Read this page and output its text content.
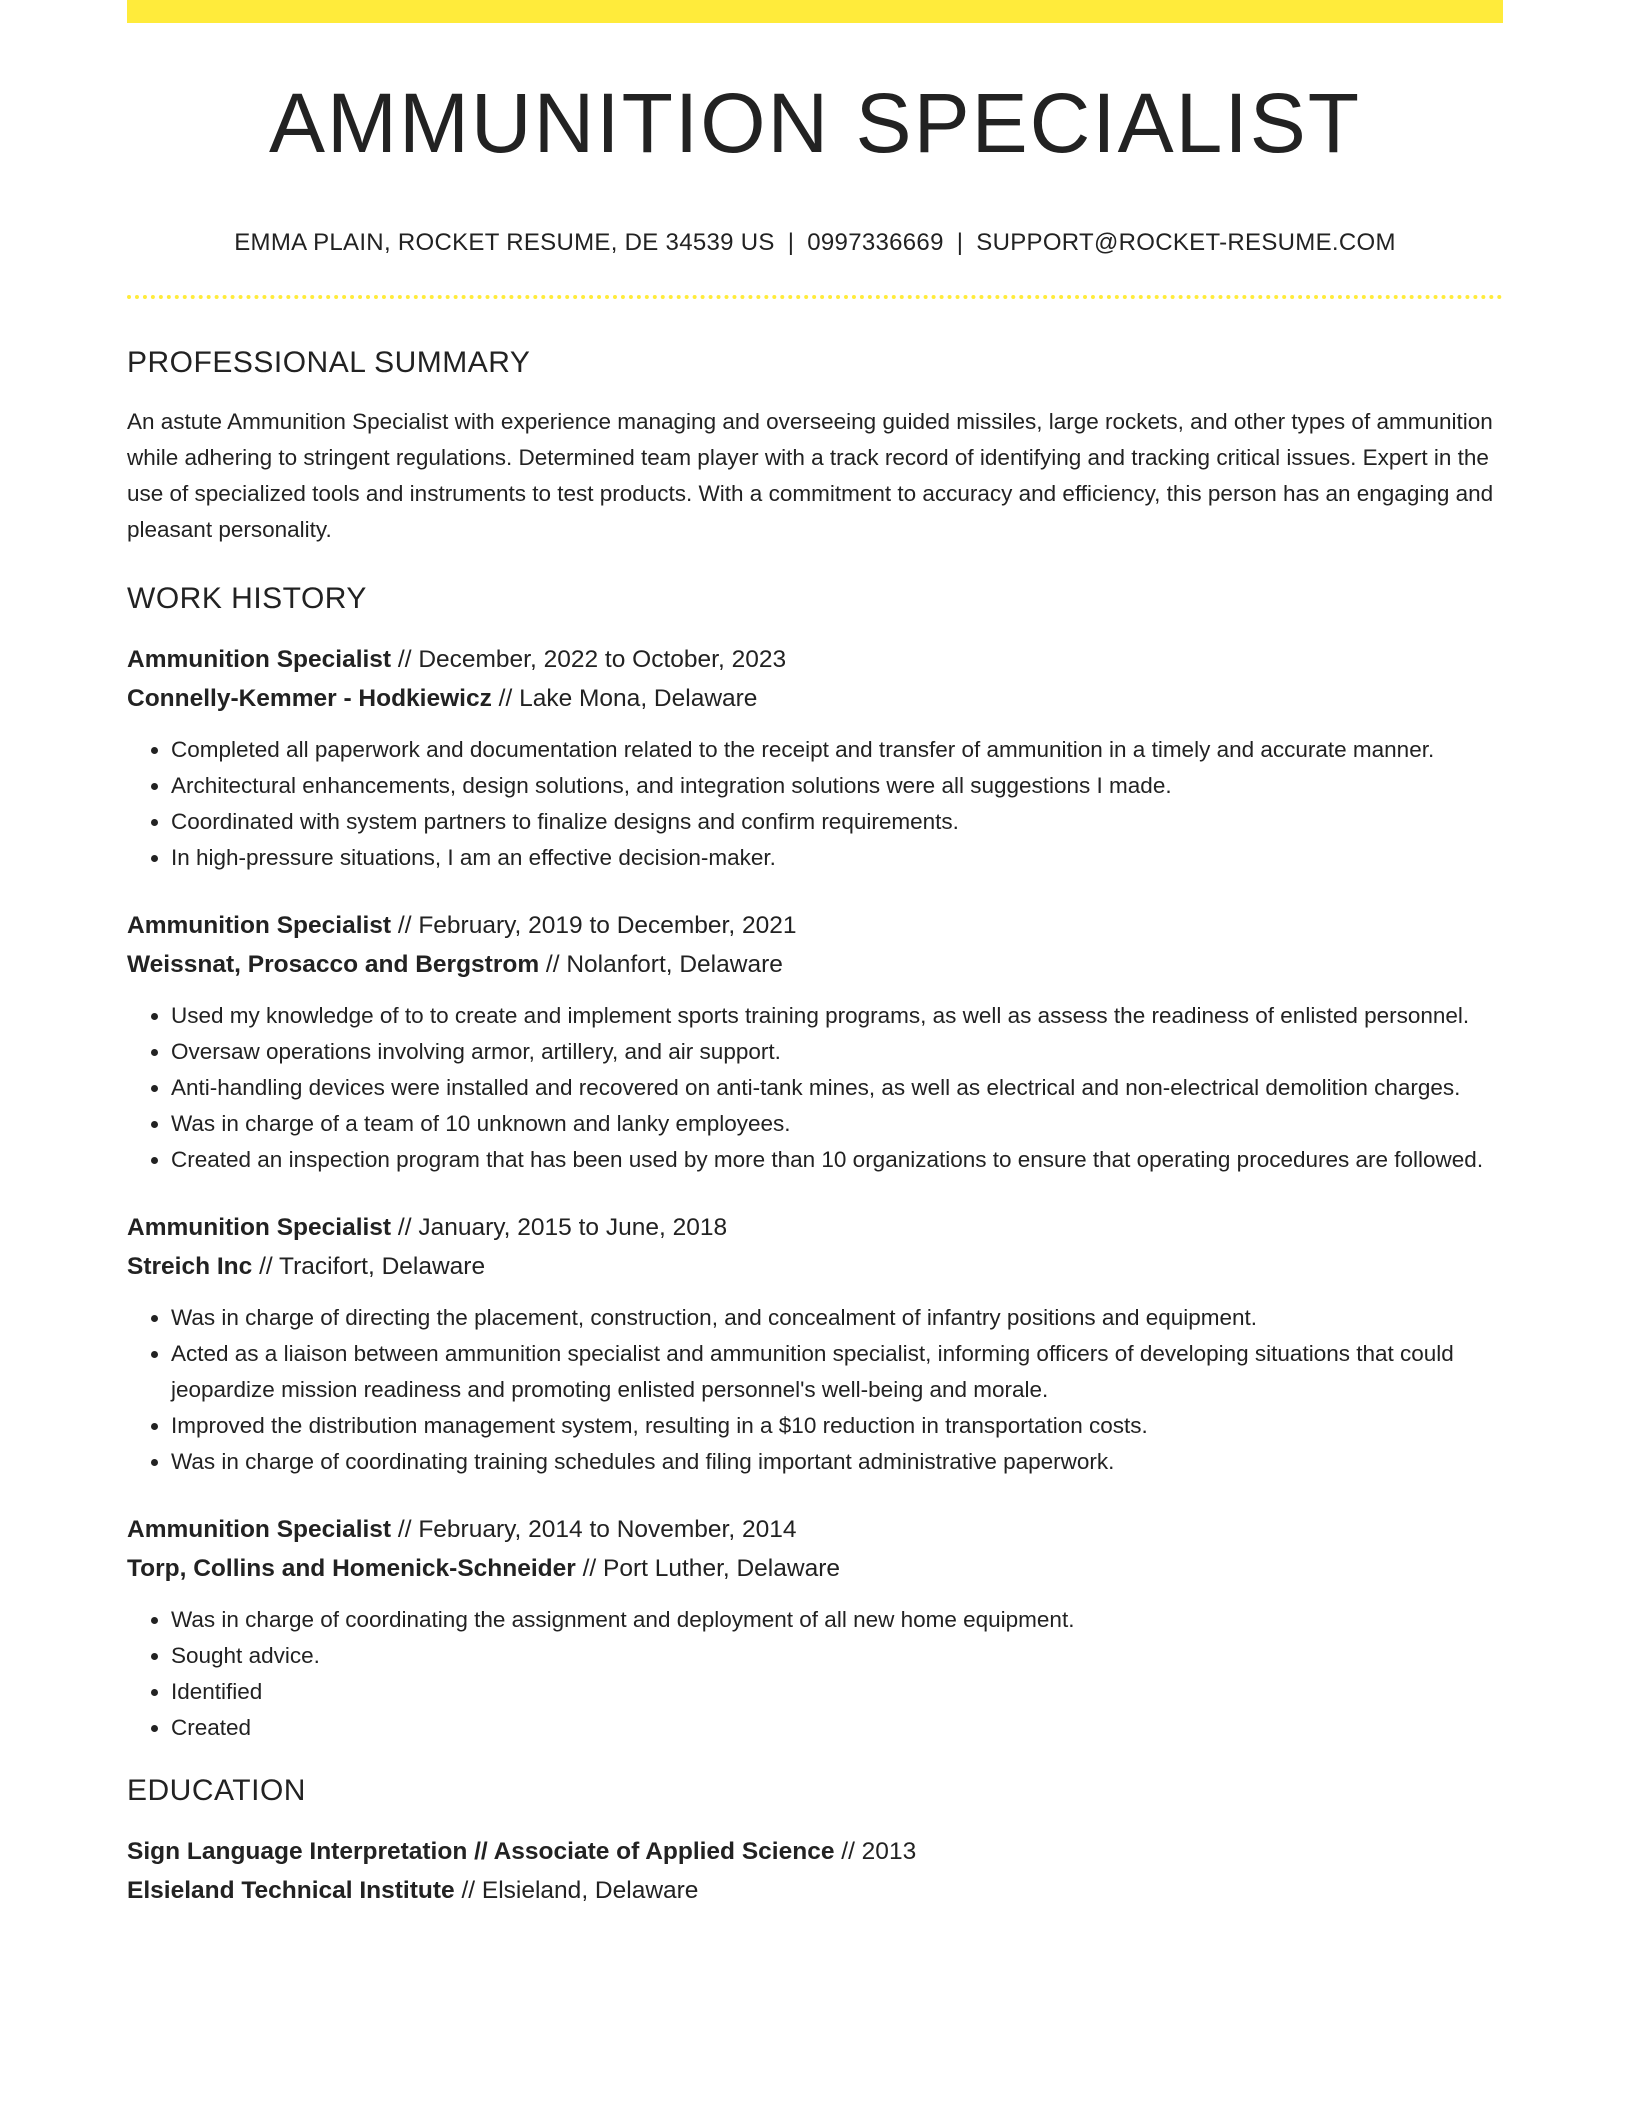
AMMUNITION SPECIALIST
EMMA PLAIN, ROCKET RESUME, DE 34539 US | 0997336669 | SUPPORT@ROCKET-RESUME.COM
PROFESSIONAL SUMMARY

An astute Ammunition Specialist with experience managing and overseeing guided missiles, large rockets, and other types of ammunition while adhering to stringent regulations. Determined team player with a track record of identifying and tracking critical issues. Expert in the use of specialized tools and instruments to test products. With a commitment to accuracy and efficiency, this person has an engaging and pleasant personality.

WORK HISTORY
Ammunition Specialist // December, 2022 to October, 2023
Connelly-Kemmer - Hodkiewicz // Lake Mona, Delaware
• Completed all paperwork and documentation related to the receipt and transfer of ammunition in a timely and accurate manner.
• Architectural enhancements, design solutions, and integration solutions were all suggestions I made.
• Coordinated with system partners to finalize designs and confirm requirements.
• In high-pressure situations, I am an effective decision-maker.
Ammunition Specialist // February, 2019 to December, 2021
Weissnat, Prosacco and Bergstrom // Nolanfort, Delaware
• Used my knowledge of to to create and implement sports training programs, as well as assess the readiness of enlisted personnel.
• Oversaw operations involving armor, artillery, and air support.
• Anti-handling devices were installed and recovered on anti-tank mines, as well as electrical and non-electrical demolition charges.
• Was in charge of a team of 10 unknown and lanky employees.
• Created an inspection program that has been used by more than 10 organizations to ensure that operating procedures are followed.
Ammunition Specialist // January, 2015 to June, 2018
Streich Inc // Tracifort, Delaware
• Was in charge of directing the placement, construction, and concealment of infantry positions and equipment.
• Acted as a liaison between ammunition specialist and ammunition specialist, informing officers of developing situations that could jeopardize mission readiness and promoting enlisted personnel's well-being and morale.
• Improved the distribution management system, resulting in a $10 reduction in transportation costs.
• Was in charge of coordinating training schedules and filing important administrative paperwork.
Ammunition Specialist // February, 2014 to November, 2014
Torp, Collins and Homenick-Schneider // Port Luther, Delaware
• Was in charge of coordinating the assignment and deployment of all new home equipment.
• Sought advice.
• Identified
• Created
EDUCATION
Sign Language Interpretation // Associate of Applied Science // 2013
Elsieland Technical Institute // Elsieland, Delaware
